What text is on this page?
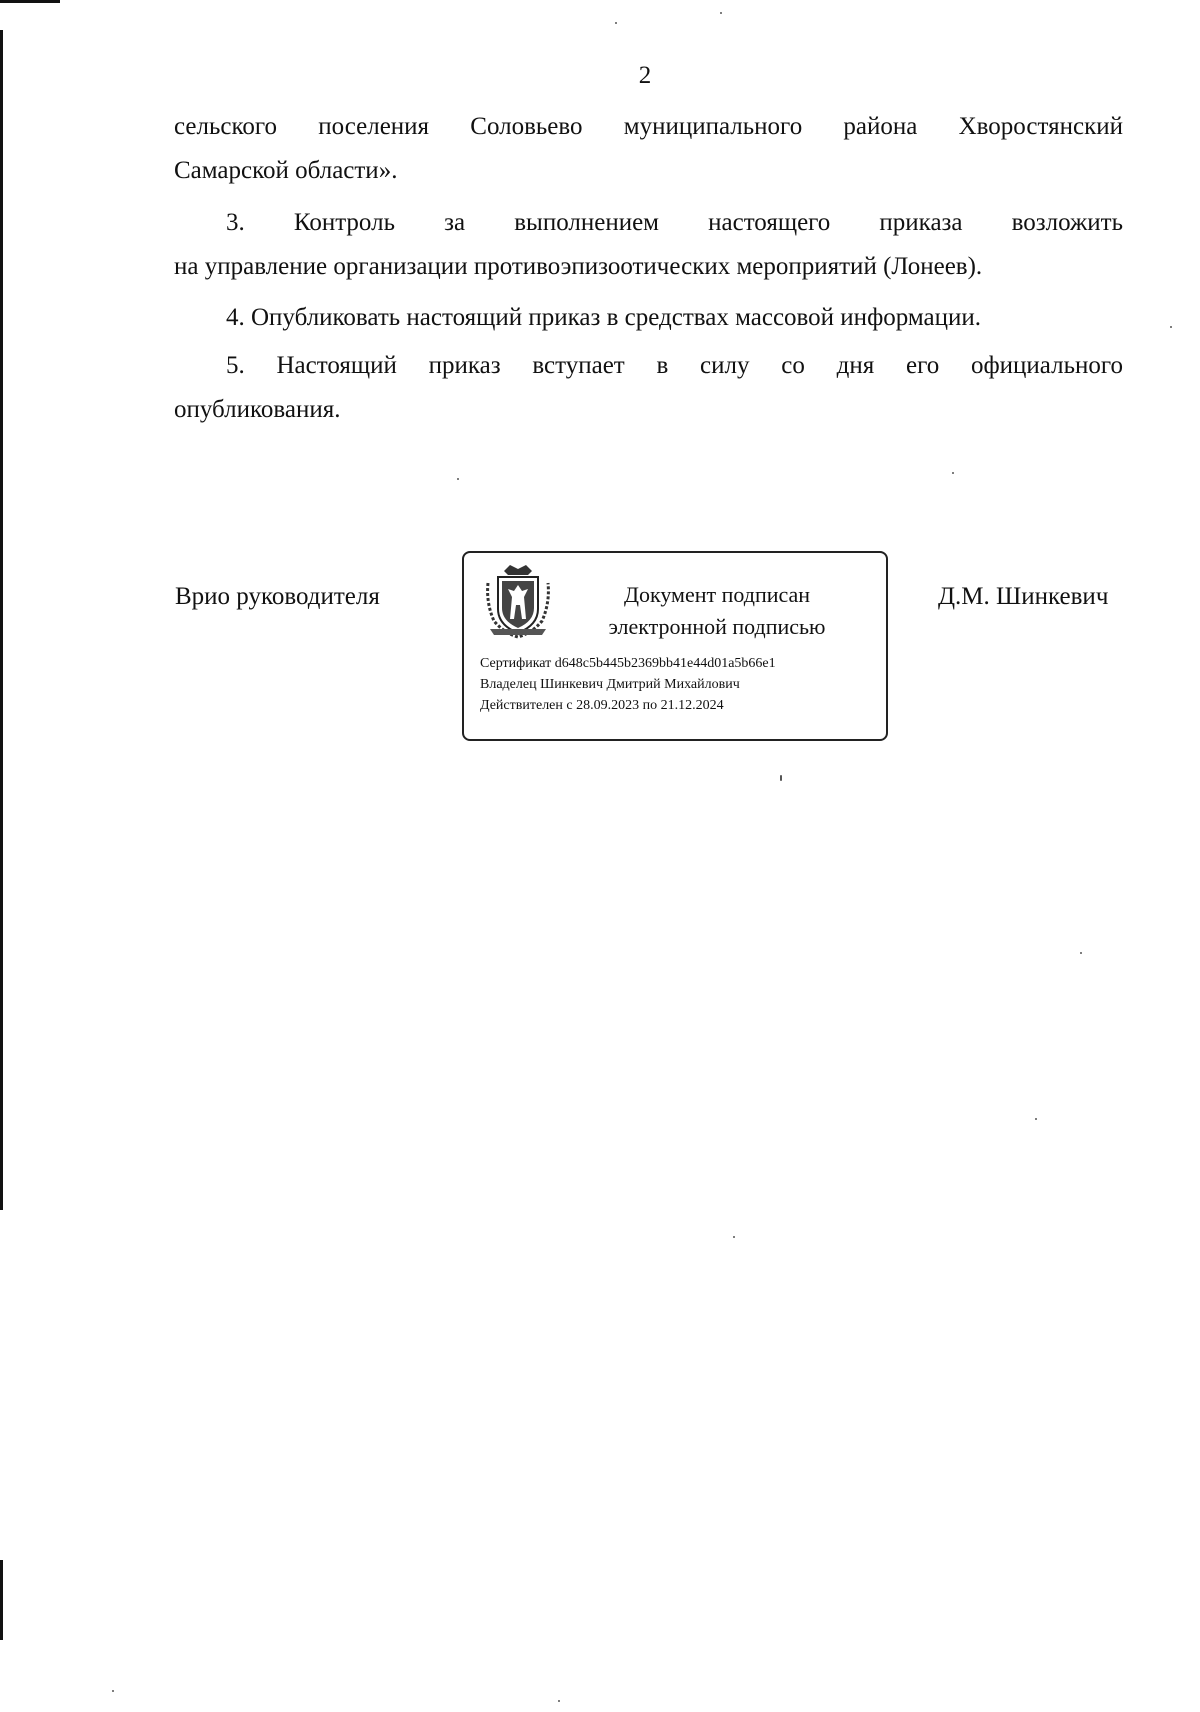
2
сельского поселения Соловьево муниципального района Хворостянский
Самарской области».
3. Контроль за выполнением настоящего приказа возложить
на управление организации противоэпизоотических мероприятий (Лонеев).
4. Опубликовать настоящий приказ в средствах массовой информации.
5. Настоящий приказ вступает в силу со дня его официального
опубликования.
Врио руководителя	Документ подписан
электронной подписью
Сертификат d648c5b445b2369bb41e44d01a5b66e1
Владелец Шинкевич Дмитрий Михайлович
Действителен с 28.09.2023 по 21.12.2024
Д.М. Шинкевич
